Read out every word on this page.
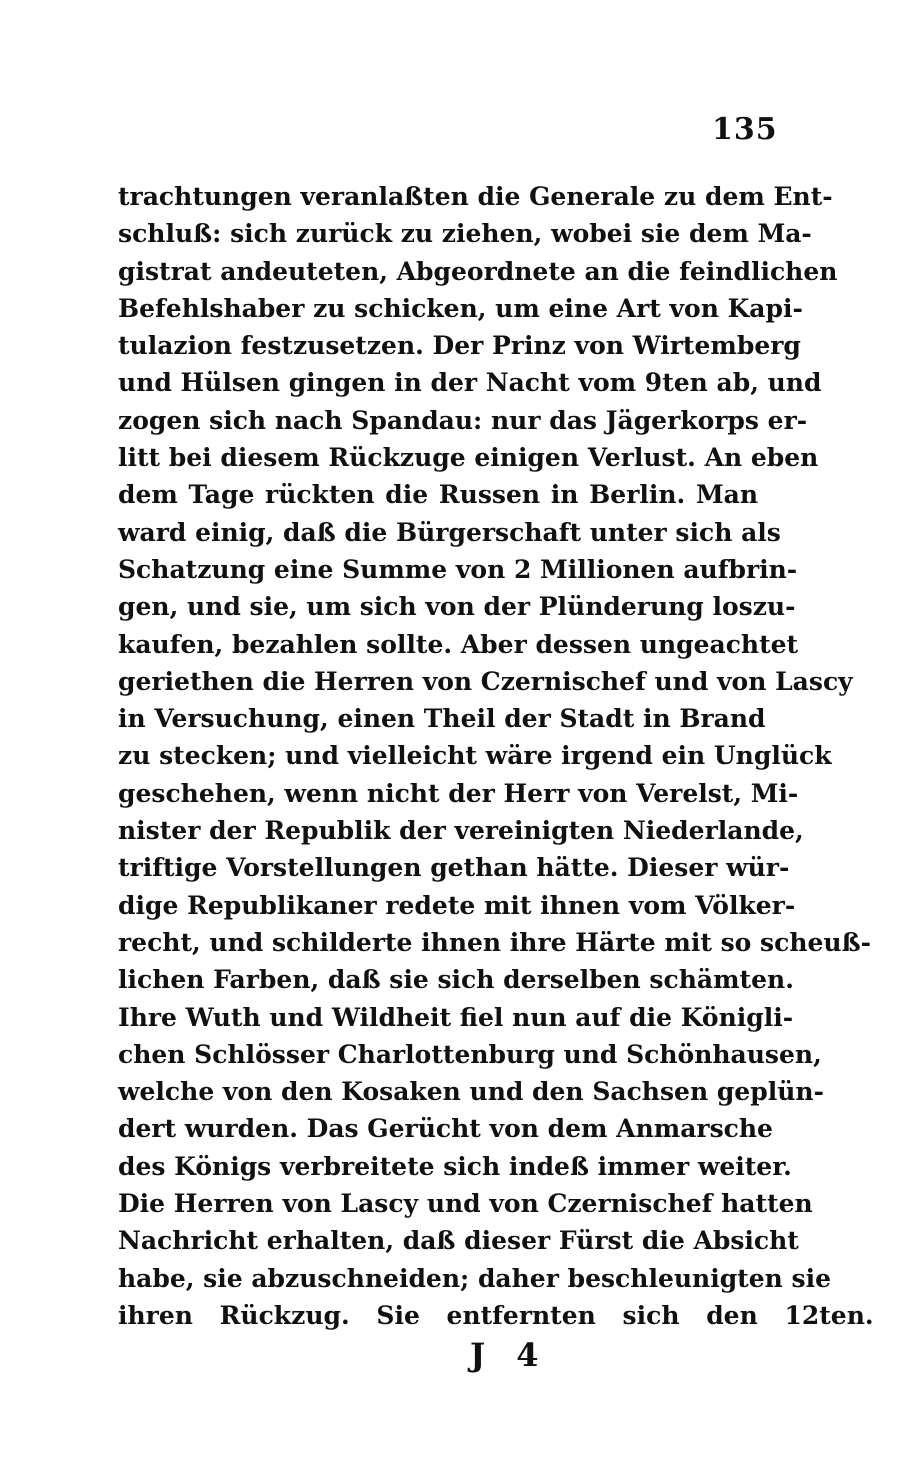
135
trachtungen veranlaßten die Generale zu dem Ent-
schluß: sich zurück zu ziehen, wobei sie dem Ma-
gistrat andeuteten, Abgeordnete an die feindlichen
Befehlshaber zu schicken, um eine Art von Kapi-
tulazion festzusetzen. Der Prinz von Wirtemberg
und Hülsen gingen in der Nacht vom 9ten ab, und
zogen sich nach Spandau: nur das Jägerkorps er-
litt bei diesem Rückzuge einigen Verlust. An eben
dem Tage rückten die Russen in Berlin. Man
ward einig, daß die Bürgerschaft unter sich als
Schatzung eine Summe von 2 Millionen aufbrin-
gen, und sie, um sich von der Plünderung loszu-
kaufen, bezahlen sollte. Aber dessen ungeachtet
geriethen die Herren von Czernischef und von Lascy
in Versuchung, einen Theil der Stadt in Brand
zu stecken; und vielleicht wäre irgend ein Unglück
geschehen, wenn nicht der Herr von Verelst, Mi-
nister der Republik der vereinigten Niederlande,
triftige Vorstellungen gethan hätte. Dieser wür-
dige Republikaner redete mit ihnen vom Völker-
recht, und schilderte ihnen ihre Härte mit so scheuß-
lichen Farben, daß sie sich derselben schämten.
Ihre Wuth und Wildheit fiel nun auf die Königli-
chen Schlösser Charlottenburg und Schönhausen,
welche von den Kosaken und den Sachsen geplün-
dert wurden. Das Gerücht von dem Anmarsche
des Königs verbreitete sich indeß immer weiter.
Die Herren von Lascy und von Czernischef hatten
Nachricht erhalten, daß dieser Fürst die Absicht
habe, sie abzuschneiden; daher beschleunigten sie
ihren Rückzug. Sie entfernten sich den 12ten.
J 4
